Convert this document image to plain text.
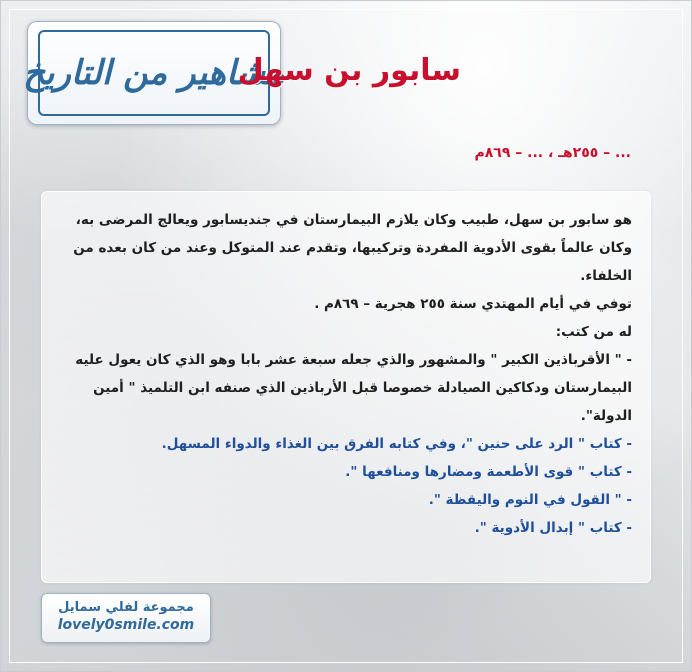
مشاهير من التاريخ
سابور بن سهل
... – ٢٥٥هـ ، ... – ٨٦٩م

هو سابور بن سهل، طبيب وكان يلازم البيمارستان في جنديسابور ويعالج المرضى به، وكان عالماً بقوى الأدوية المفردة وتركيبها، وتقدم عند المتوكل وعند من كان بعده من الخلفاء.

توفي في أيام المهتدي سنة ٢٥٥ هجرية – ٨٦٩م .

له من كتب:

- " الأقرباذين الكبير " والمشهور والذي جعله سبعة عشر بابا وهو الذي كان يعول عليه البيمارستان ودكاكين الصيادلة خصوصا قبل الأرباذين الذي صنفه ابن التلميذ " أمين الدولة".
- كتاب " الرد على حنين "، وفي كتابه الفرق بين الغذاء والدواء المسهل.
- كتاب " قوى الأطعمة ومضارها ومنافعها ".
- " القول في النوم واليقظة ".
- كتاب " إبدال الأدوية ".
مجموعة لفلي سمايل
lovely0smile.com
